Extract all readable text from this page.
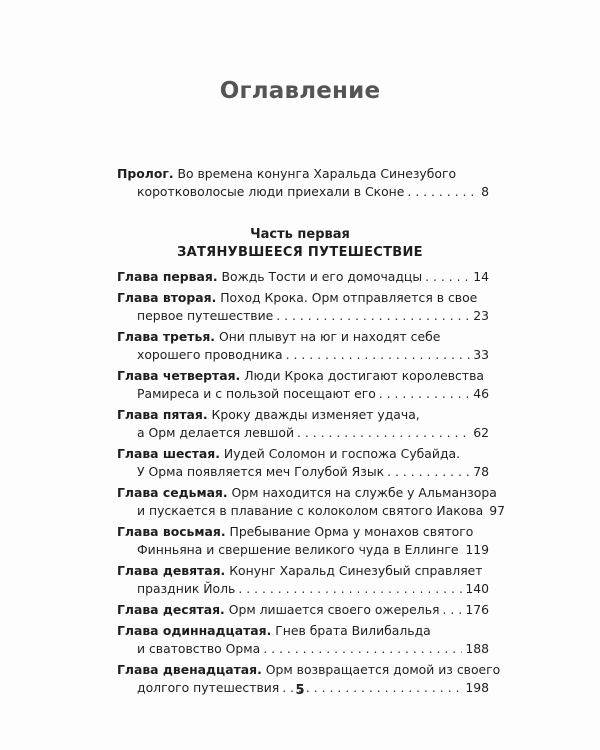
Оглавление
Пролог. Во времена конунга Харальда Синезубого
коротковолосые люди приехали в Сконе . . .	8
Часть первая
ЗАТЯНУВШЕЕСЯ ПУТЕШЕСТВИЕ
Глава первая. Вождь Тости и его домочадцы . . .	14
Глава вторая. Поход Крока. Орм отправляется в свое
первое путешествие . . .	23
Глава третья. Они плывут на юг и находят себе
хорошего проводника . . .	33
Глава четвертая. Люди Крока достигают королевства
Рамиреса и с пользой посещают его . . .	46
Глава пятая. Кроку дважды изменяет удача,
а Орм делается левшой . . .	62
Глава шестая. Иудей Соломон и госпожа Субайда.
У Орма появляется меч Голубой Язык . . .	78
Глава седьмая. Орм находится на службе у Альманзора
и пускается в плавание с колоколом святого Иакова 97
Глава восьмая. Пребывание Орма у монахов святого
Финньяна и свершение великого чуда в Еллинге . . . 119
Глава девятая. Конунг Харальд Синезубый справляет
праздник Йоль . . .	140
Глава десятая. Орм лишается своего ожерелья . . . 176
Глава одиннадцатая. Гнев брата Вилибальда
и сватовство Орма . . .	188
Глава двенадцатая. Орм возвращается домой из своего
долгого путешествия . . .	198
5
